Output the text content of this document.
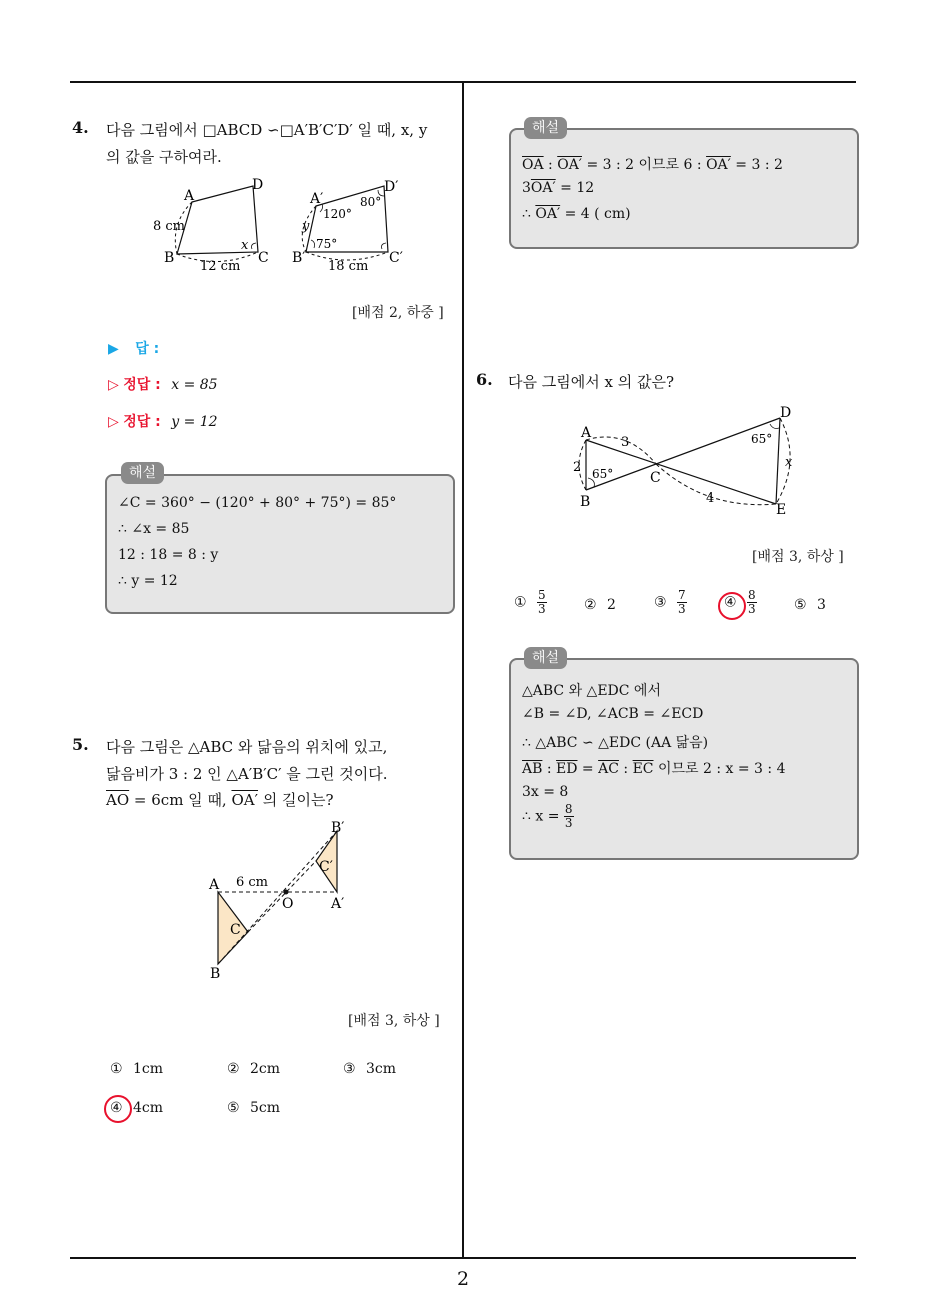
2
4. 다음 그림에서 □ABCD ∽□A′B′C′D′ 일 때, x, y
의 값을 구하여라.
A
D
B	C
8 cm
12 cm
x
A′
D′
B′	C′
120°
80°
75°
y
18 cm
[배점 2, 하중 ]
▶ 답 :
▷ 정답 : x = 85
▷ 정답 : y = 12
해설
∠C = 360° − (120° + 80° + 75°) = 85°
∴ ∠x = 85
12 : 18 = 8 : y
∴ y = 12
5. 다음 그림은 △ABC 와 닮음의 위치에 있고,
닮음비가 3 : 2 인 △A′B′C′ 을 그린 것이다.
$\overline{AO} = 6cm$ 일 때, OA′ 의 길이는?
A
B
C
O
B′
C′
A′
6 cm
[배점 3, 하상 ]
① 1cm	② 2cm	③ 3cm
④ 4cm	⑤ 5cm
해설
$\overline{OA}$ : OA′ = 3 : 2 이므로 6 : OA′ = 3 : 2
3OA′ = 12
∴ OA′ = 4 ( cm)
6. 다음 그림에서 x 의 값은?
A
B
C
D
E
3
2
4
x
65°
65°
[배점 3, 하상 ]
① $\frac{5}{3}$	② 2	③ $\frac{7}{3}$	④ $\frac{8}{3}$	⑤ 3
해설
△ABC 와 △EDC 에서
∠B = ∠D, ∠ACB = ∠ECD
∴ △ABC ∽ △EDC (AA 닮음)
$\overline{AB}$ : $\overline{ED} = \overline{AC}$ : $\overline{EC}$ 이므로 2 : x = 3 : 4
3x = 8
∴ $x = \frac{8}{3}$
